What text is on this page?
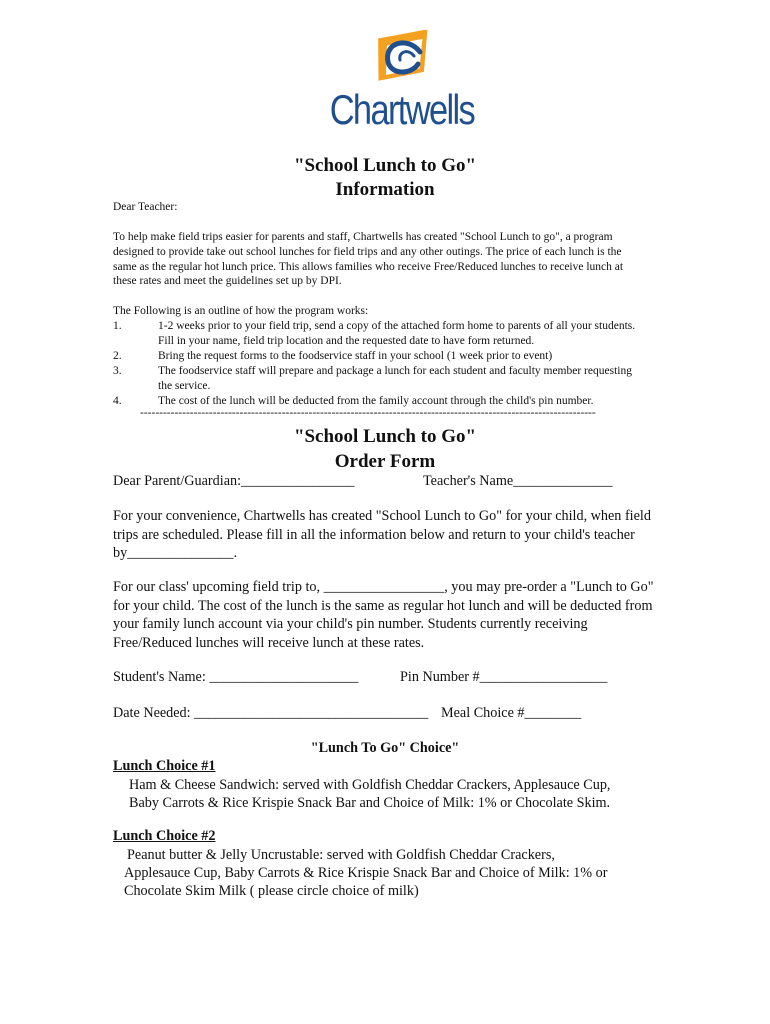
Chartwells
"School Lunch to Go"
Information
Dear Teacher:
To help make field trips easier for parents and staff, Chartwells has created "School Lunch to go", a program designed to provide take out school lunches for field trips and any other outings. The price of each lunch is the same as the regular hot lunch price. This allows families who receive Free/Reduced lunches to receive lunch at these rates and meet the guidelines set up by DPI.
The Following is an outline of how the program works:
1.	1-2 weeks prior to your field trip, send a copy of the attached form home to parents of all your students. Fill in your name, field trip location and the requested date to have form returned.
2.	Bring the request forms to the foodservice staff in your school (1 week prior to event)
3.	The foodservice staff will prepare and package a lunch for each student and faculty member requesting the service.
4.	The cost of the lunch will be deducted from the family account through the child's pin number.
-----------------------------------------------------------------------------------------------------------------------
"School Lunch to Go"
Order Form
Dear Parent/Guardian:________________	Teacher's Name______________
For your convenience, Chartwells has created "School Lunch to Go" for your child, when field trips are scheduled. Please fill in all the information below and return to your child's teacher by_______________.
For our class' upcoming field trip to, _________________, you may pre-order a "Lunch to Go" for your child. The cost of the lunch is the same as regular hot lunch and will be deducted from your family lunch account via your child's pin number. Students currently receiving Free/Reduced lunches will receive lunch at these rates.
Student's Name: _____________________	Pin Number #__________________
Date Needed: _________________________________ Meal Choice #________
"Lunch To Go" Choice"
Lunch Choice #1
Ham & Cheese Sandwich: served with Goldfish Cheddar Crackers, Applesauce Cup,
Baby Carrots & Rice Krispie Snack Bar and Choice of Milk: 1% or Chocolate Skim.
Lunch Choice #2
Peanut butter & Jelly Uncrustable: served with Goldfish Cheddar Crackers,
Applesauce Cup, Baby Carrots & Rice Krispie Snack Bar and Choice of Milk: 1% or
Chocolate Skim Milk ( please circle choice of milk)
